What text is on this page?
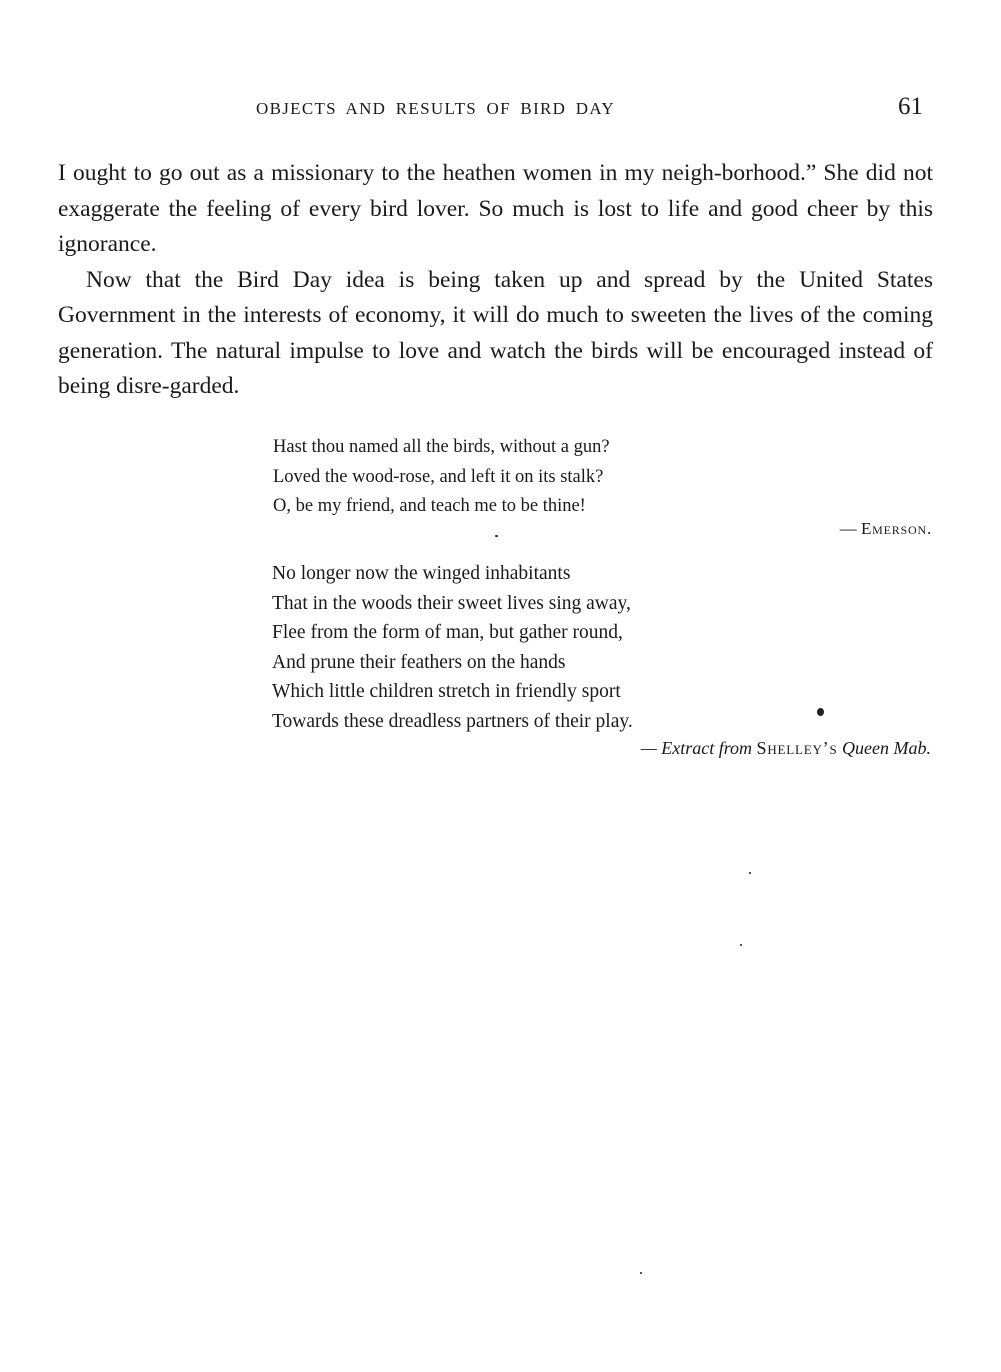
OBJECTS AND RESULTS OF BIRD DAY	61

I ought to go out as a missionary to the heathen women in my neigh-borhood.” She did not exaggerate the feeling of every bird lover. So much is lost to life and good cheer by this ignorance.

Now that the Bird Day idea is being taken up and spread by the United States Government in the interests of economy, it will do much to sweeten the lives of the coming generation. The natural impulse to love and watch the birds will be encouraged instead of being disre-garded.

Hast thou named all the birds, without a gun?
Loved the wood-rose, and left it on its stalk?
O, be my friend, and teach me to be thine!
— Emerson.
No longer now the winged inhabitants
That in the woods their sweet lives sing away,
Flee from the form of man, but gather round,
And prune their feathers on the hands
Which little children stretch in friendly sport
Towards these dreadless partners of their play.
— Extract from Shelley’s Queen Mab.
